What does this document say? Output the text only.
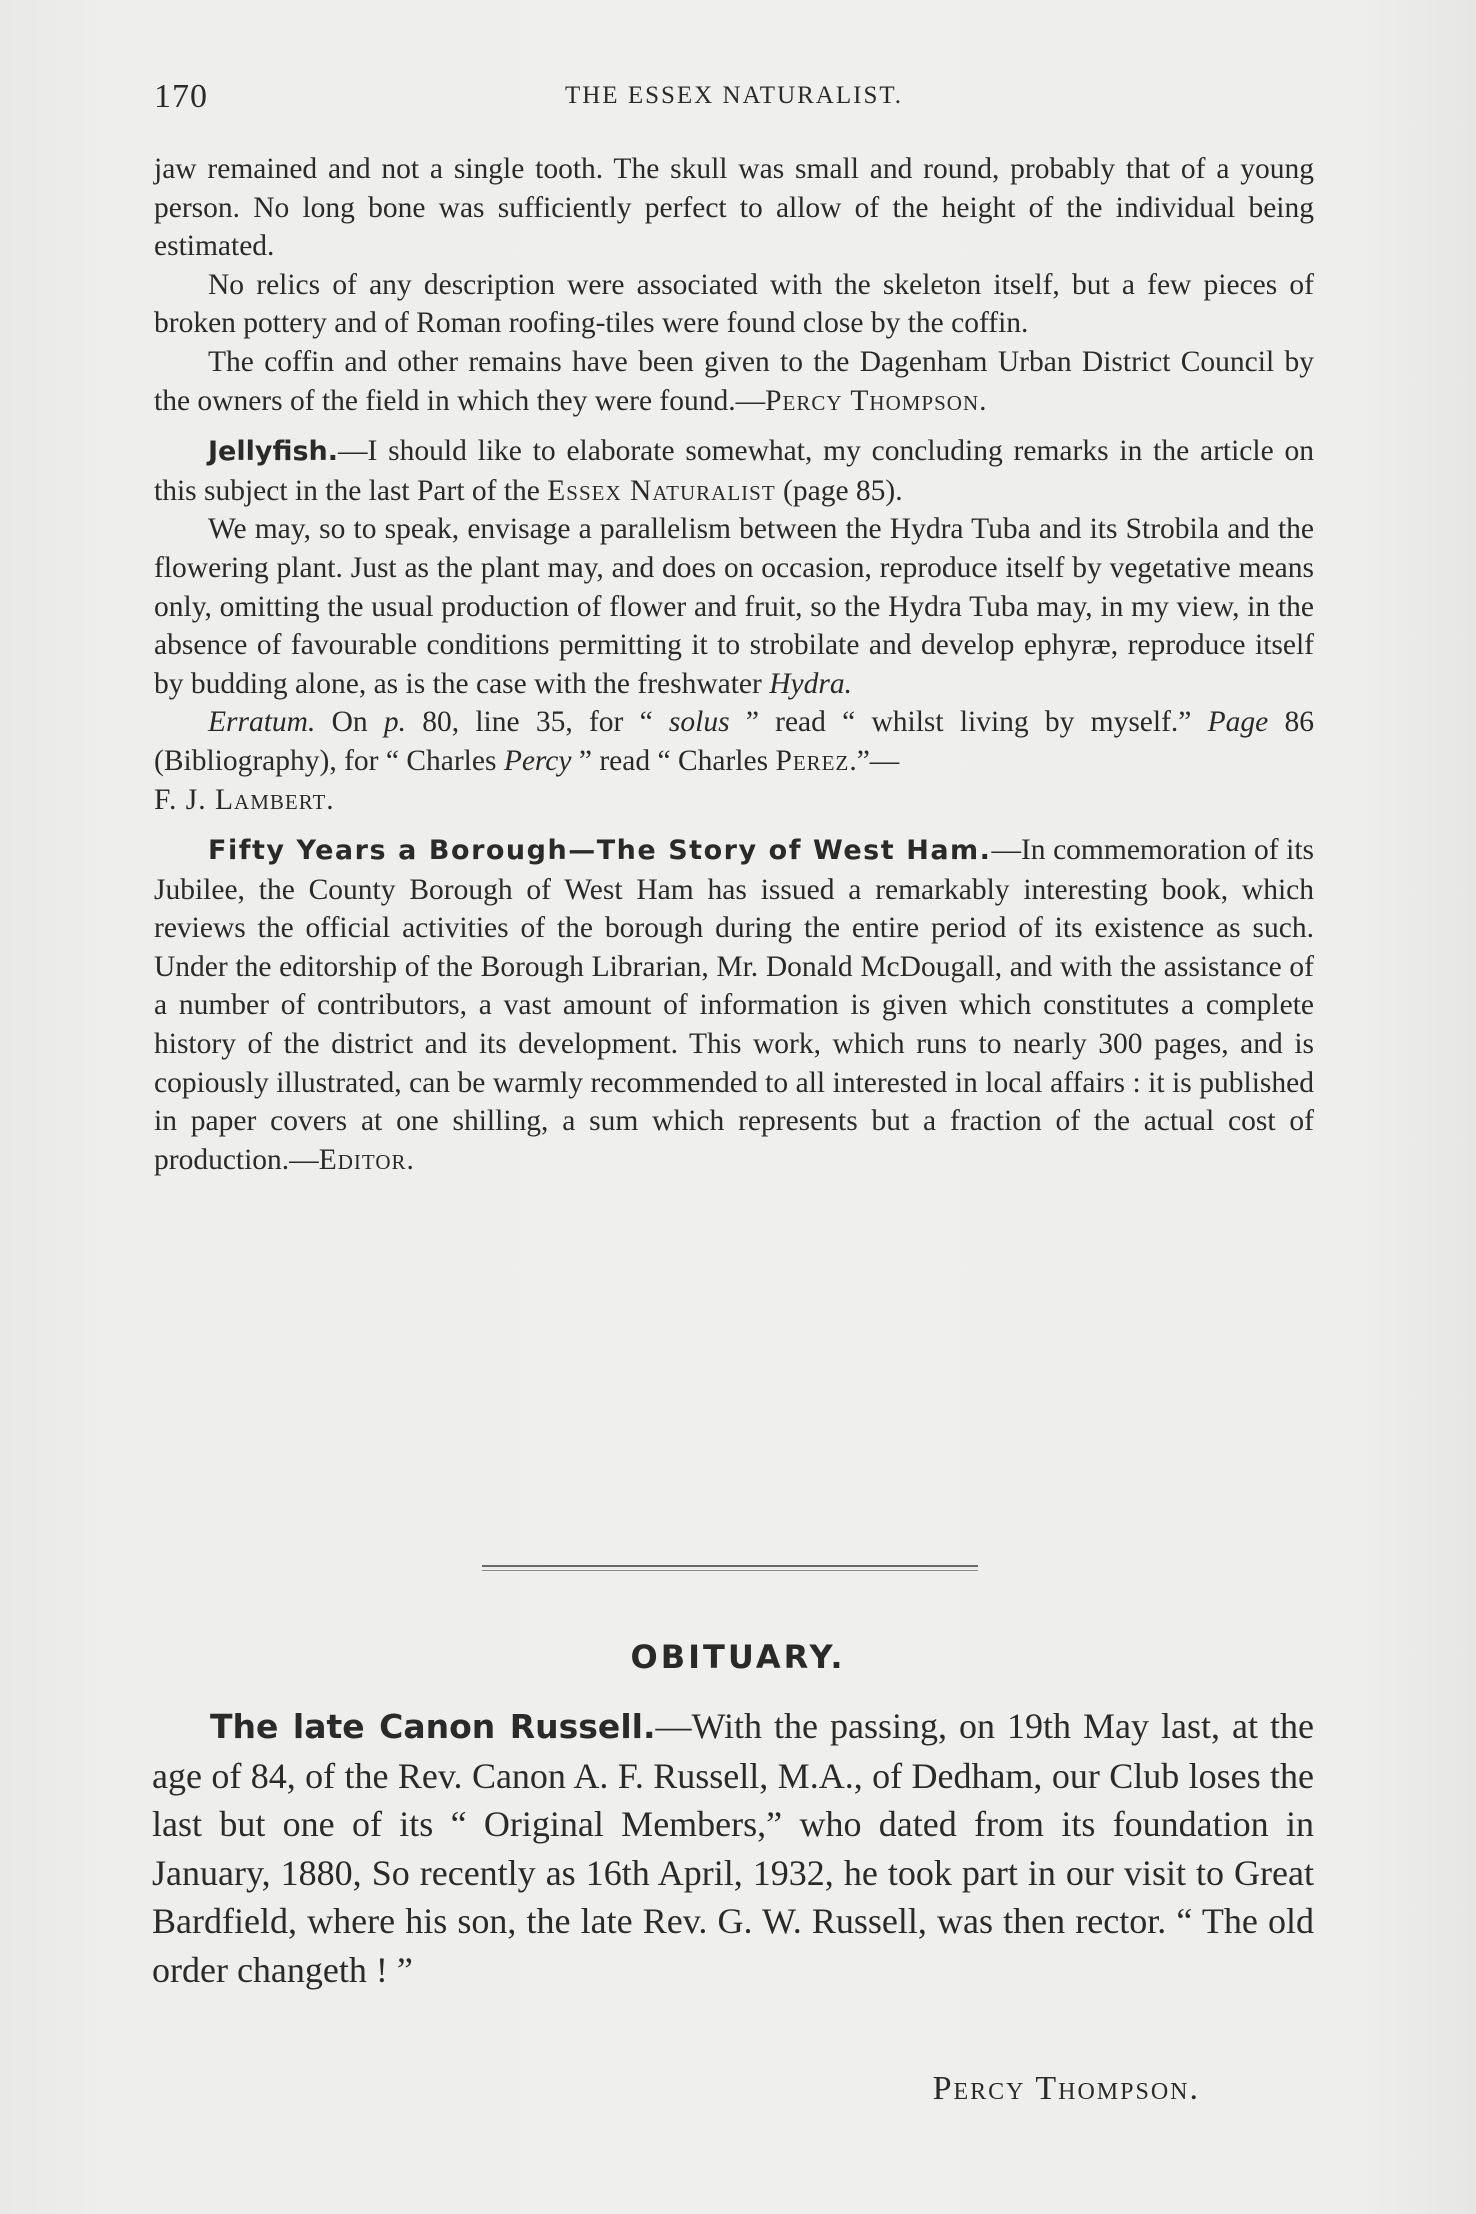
170	THE ESSEX NATURALIST.

jaw remained and not a single tooth. The skull was small and round, probably that of a young person. No long bone was sufficiently perfect to allow of the height of the individual being estimated.

No relics of any description were associated with the skeleton itself, but a few pieces of broken pottery and of Roman roofing-tiles were found close by the coffin.

The coffin and other remains have been given to the Dagenham Urban District Council by the owners of the field in which they were found.—Percy Thompson.

Jellyfish.—I should like to elaborate somewhat, my concluding remarks in the article on this subject in the last Part of the Essex Naturalist (page 85).

We may, so to speak, envisage a parallelism between the Hydra Tuba and its Strobila and the flowering plant. Just as the plant may, and does on occasion, reproduce itself by vegetative means only, omitting the usual production of flower and fruit, so the Hydra Tuba may, in my view, in the absence of favourable conditions permitting it to strobilate and develop ephyræ, reproduce itself by budding alone, as is the case with the freshwater Hydra.

Erratum. On p. 80, line 35, for “ solus ” read “ whilst living by myself.” Page 86 (Bibliography), for “ Charles Percy ” read “ Charles Perez.”—

F. J. Lambert.

Fifty Years a Borough—The Story of West Ham.—In commemoration of its Jubilee, the County Borough of West Ham has issued a remarkably interesting book, which reviews the official activities of the borough during the entire period of its existence as such. Under the editorship of the Borough Librarian, Mr. Donald McDougall, and with the assistance of a number of contributors, a vast amount of information is given which constitutes a complete history of the district and its development. This work, which runs to nearly 300 pages, and is copiously illustrated, can be warmly recommended to all interested in local affairs : it is published in paper covers at one shilling, a sum which represents but a fraction of the actual cost of production.—Editor.

OBITUARY.

The late Canon Russell.—With the passing, on 19th May last, at the age of 84, of the Rev. Canon A. F. Russell, M.A., of Dedham, our Club loses the last but one of its “ Original Members,” who dated from its foundation in January, 1880, So recently as 16th April, 1932, he took part in our visit to Great Bardfield, where his son, the late Rev. G. W. Russell, was then rector. “ The old order changeth ! ”

Percy Thompson.
